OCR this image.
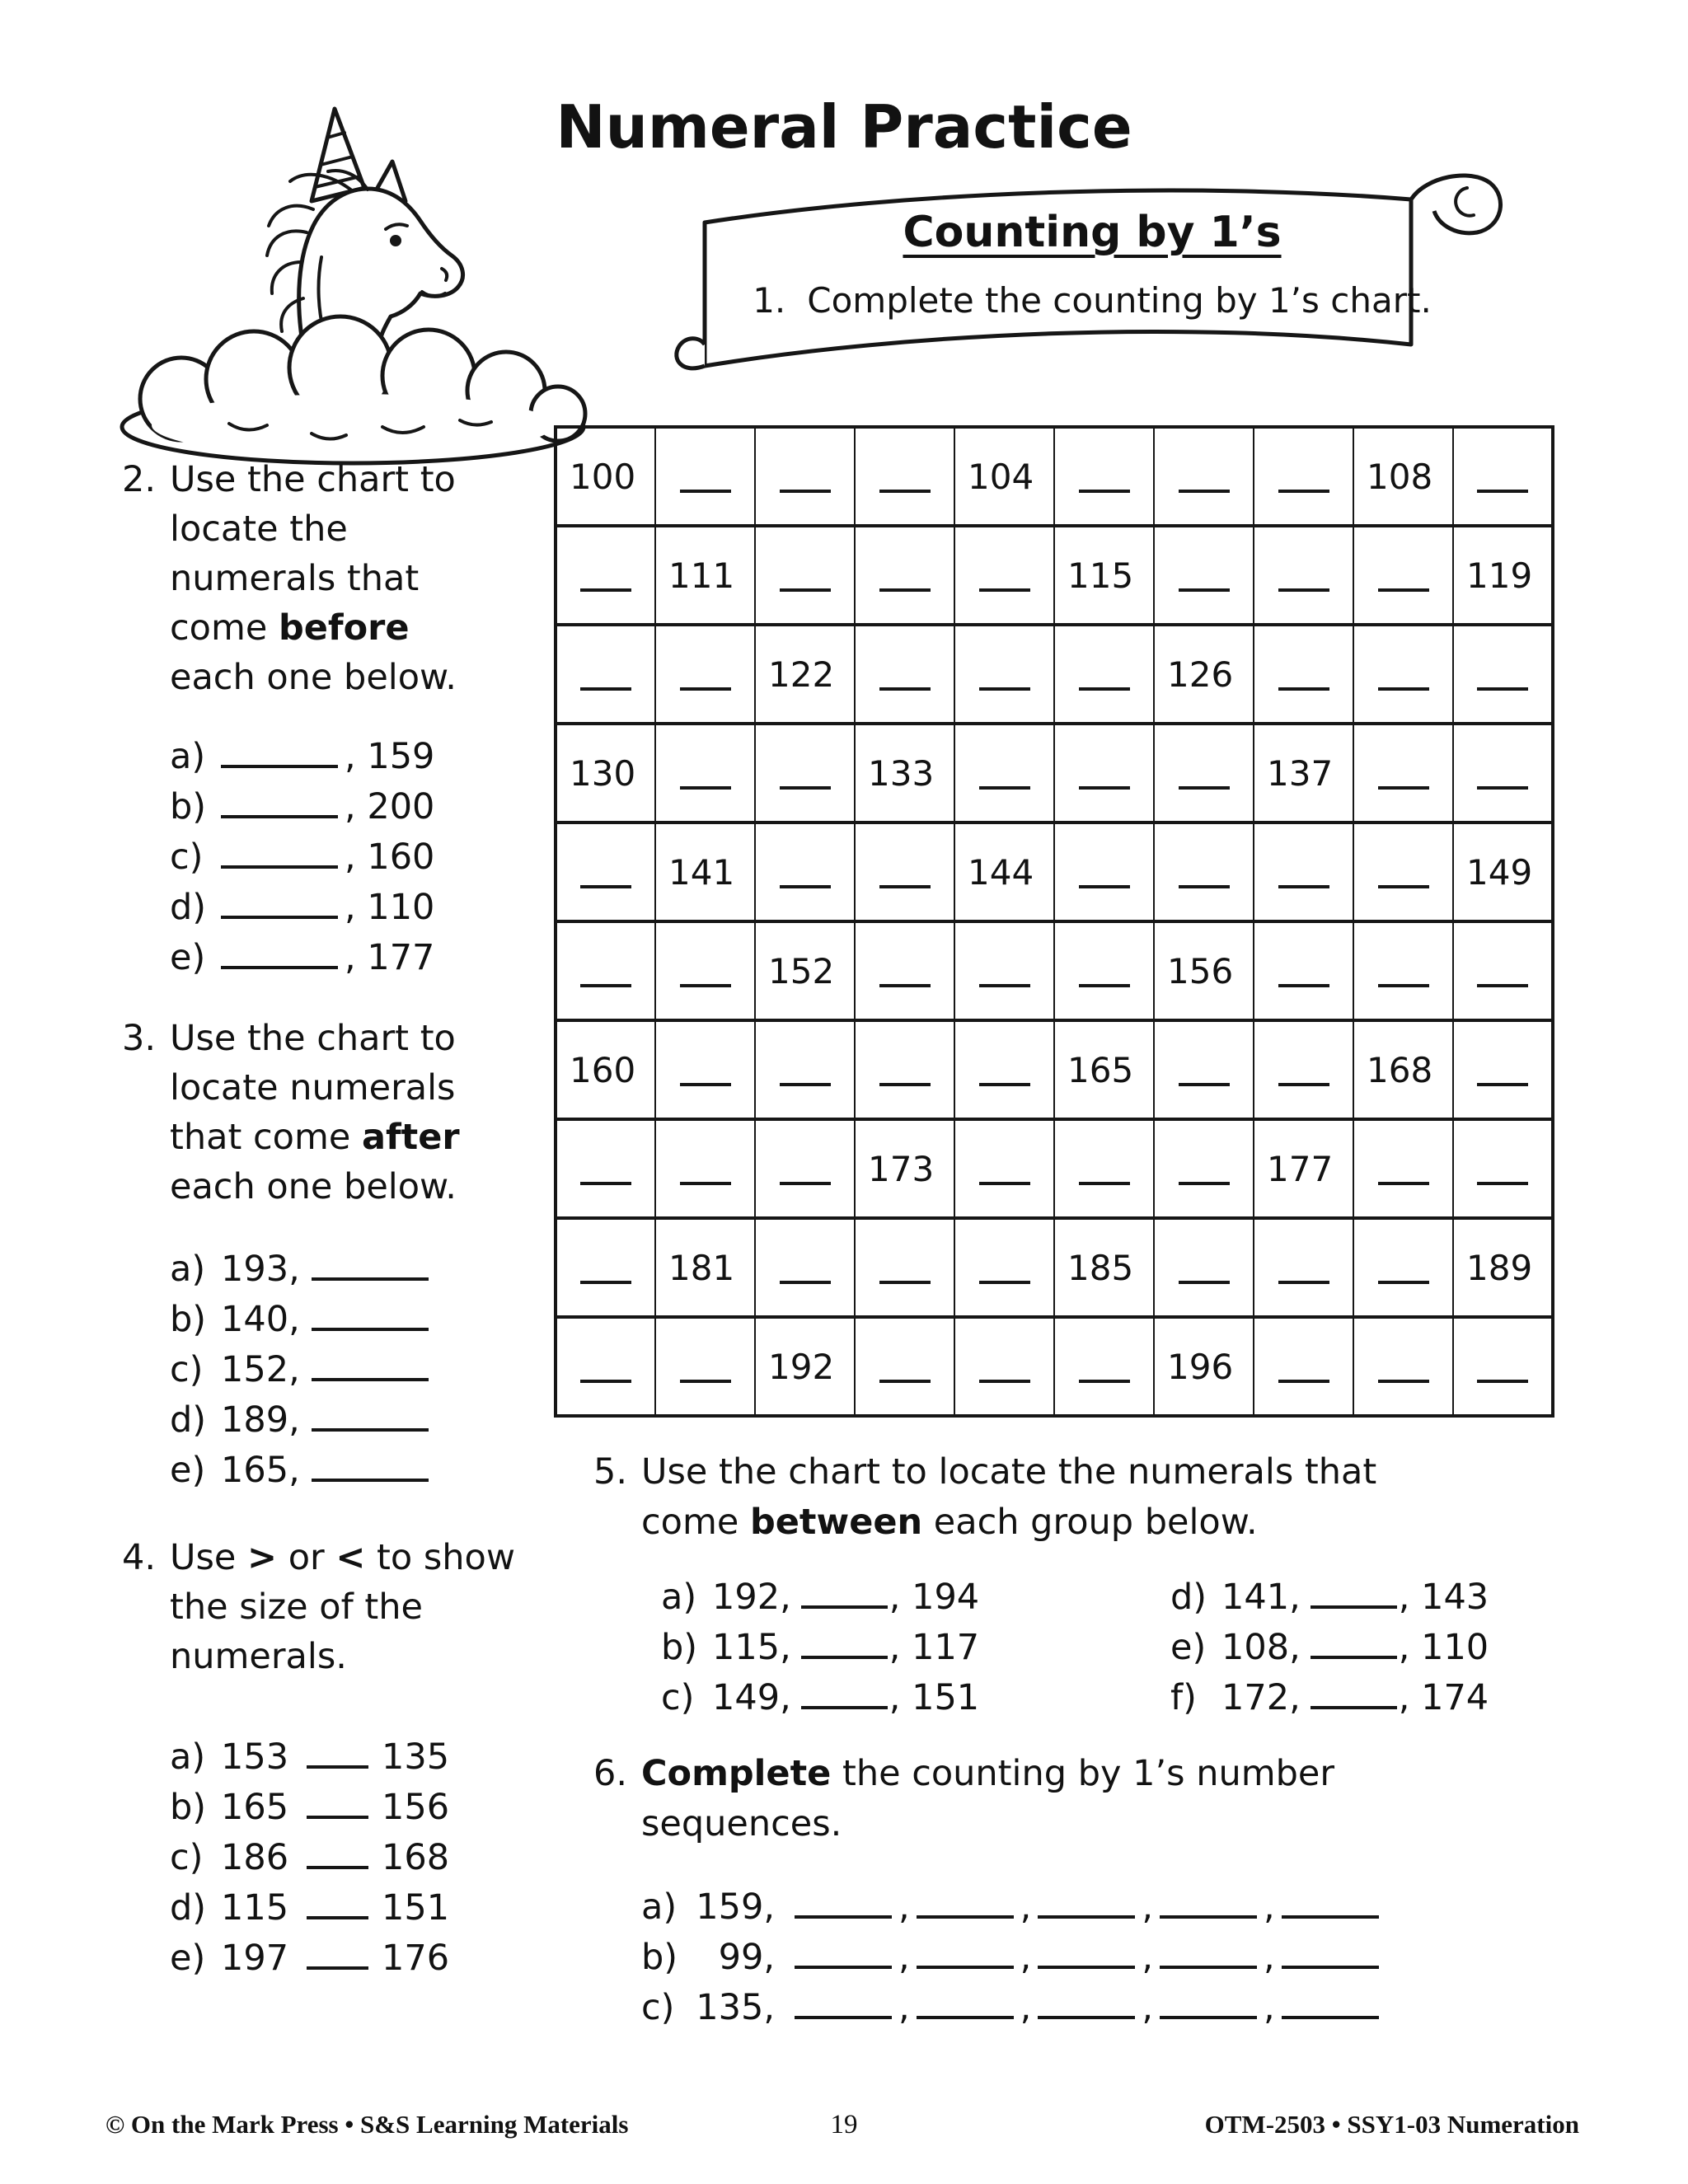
Numeral Practice
Counting by 1’s
1. Complete the counting by 1’s chart.
100				104				108	
	111				115				119
		122				126			
130			133				137		
	141			144					149
		152				156			
160					165			168	
			173				177		
	181				185				189
		192				196			
2. Use the chart to locate the numerals that come before each one below.

a)	, 159
b)	, 200
c)	, 160
d)	, 110
e)	, 177
3. Use the chart to locate numerals that come after each one below.

a) 193,
b) 140,
c) 152,
d) 189,
e) 165,
4. Use > or < to show the size of the numerals.

a) 153	135
b) 165	156
c) 186	168
d) 115	151
e) 197	176
5. Use the chart to locate the numerals that come between each group below.

a) 192,	, 194	d) 141,	, 143
b) 115,	, 117	e) 108,	, 110
c) 149,	, 151	f) 172,	, 174
6. Complete the counting by 1’s number sequences.

a) 159,	,	,	,	,
b) 99,	,	,	,	,
c) 135,	,	,	,	,
19
© On the Mark Press • S&S Learning Materials	OTM-2503 • SSY1-03 Numeration
